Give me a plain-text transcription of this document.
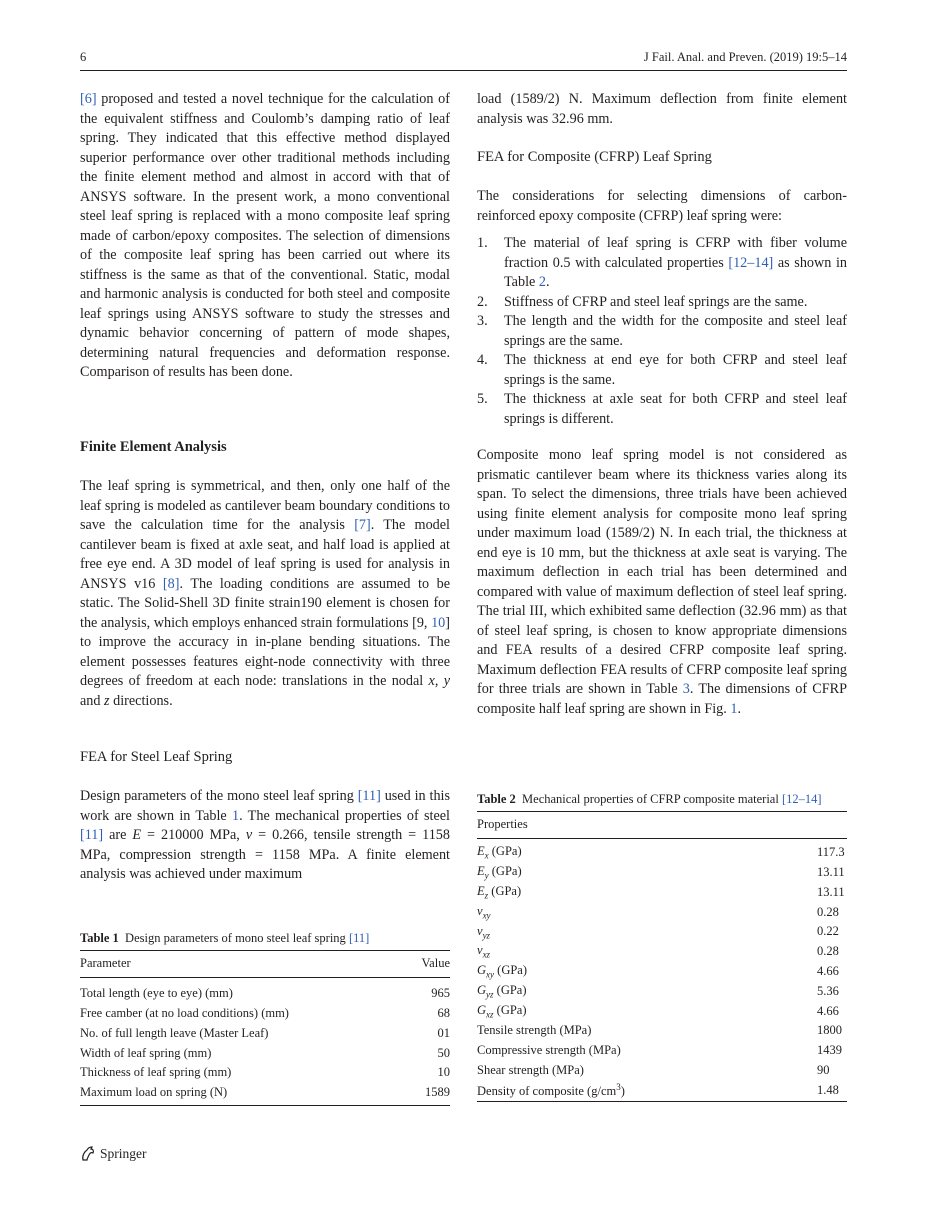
6	J Fail. Anal. and Preven. (2019) 19:5–14

[6] proposed and tested a novel technique for the calculation of the equivalent stiffness and Coulomb’s damping ratio of leaf spring. They indicated that this effective method displayed superior performance over other traditional methods including the finite element method and almost in accord with that of ANSYS software. In the present work, a mono conventional steel leaf spring is replaced with a mono composite leaf spring made of carbon/epoxy composites. The selection of dimensions of the composite leaf spring has been carried out where its stiffness is the same as that of the conventional. Static, modal and harmonic analysis is conducted for both steel and composite leaf springs using ANSYS software to study the stresses and dynamic behavior concerning of pattern of mode shapes, determining natural frequencies and deformation response. Comparison of results has been done.

Finite Element Analysis

The leaf spring is symmetrical, and then, only one half of the leaf spring is modeled as cantilever beam boundary conditions to save the calculation time for the analysis [7]. The model cantilever beam is fixed at axle seat, and half load is applied at free eye end. A 3D model of leaf spring is used for analysis in ANSYS v16 [8]. The loading conditions are assumed to be static. The Solid-Shell 3D finite strain190 element is chosen for the analysis, which employs enhanced strain formulations [9, 10] to improve the accuracy in in-plane bending situations. The element possesses features eight-node connectivity with three degrees of freedom at each node: translations in the nodal x, y and z directions.

FEA for Steel Leaf Spring

Design parameters of the mono steel leaf spring [11] used in this work are shown in Table 1. The mechanical properties of steel [11] are E = 210000 MPa, v = 0.266, tensile strength = 1158 MPa, compression strength = 1158 MPa. A finite element analysis was achieved under maximum

Table 1 Design parameters of mono steel leaf spring [11]
Parameter	Value
Total length (eye to eye) (mm)	965
Free camber (at no load conditions) (mm)	68
No. of full length leave (Master Leaf)	01
Width of leaf spring (mm)	50
Thickness of leaf spring (mm)	10
Maximum load on spring (N)	1589

load (1589/2) N. Maximum deflection from finite element analysis was 32.96 mm.

FEA for Composite (CFRP) Leaf Spring

The considerations for selecting dimensions of carbon-reinforced epoxy composite (CFRP) leaf spring were:

1. The material of leaf spring is CFRP with fiber volume fraction 0.5 with calculated properties [12–14] as shown in Table 2.
2. Stiffness of CFRP and steel leaf springs are the same.
3. The length and the width for the composite and steel leaf springs are the same.
4. The thickness at end eye for both CFRP and steel leaf springs is the same.
5. The thickness at axle seat for both CFRP and steel leaf springs is different.

Composite mono leaf spring model is not considered as prismatic cantilever beam where its thickness varies along its span. To select the dimensions, three trials have been achieved using finite element analysis for composite mono leaf spring under maximum load (1589/2) N. In each trial, the thickness at end eye is 10 mm, but the thickness at axle seat is varying. The maximum deflection in each trial has been determined and compared with value of maximum deflection of steel leaf spring. The trial III, which exhibited same deflection (32.96 mm) as that of steel leaf spring, is chosen to know appropriate dimensions and FEA results of a desired CFRP composite leaf spring. Maximum deflection FEA results of CFRP composite leaf spring for three trials are shown in Table 3. The dimensions of CFRP composite half leaf spring are shown in Fig. 1.

Table 2 Mechanical properties of CFRP composite material [12–14]
Properties
$E_x$ (GPa)	117.3
$E_y$ (GPa)	13.11
$E_z$ (GPa)	13.11
$v_{xy}$	0.28
$v_{yz}$	0.22
$v_{xz}$	0.28
$G_{xy}$ (GPa)	4.66
$G_{yz}$ (GPa)	5.36
$G_{xz}$ (GPa)	4.66
Tensile strength (MPa)	1800
Compressive strength (MPa)	1439
Shear strength (MPa)	90
Density of composite $(g/cm^3)$	1.48
Springer
